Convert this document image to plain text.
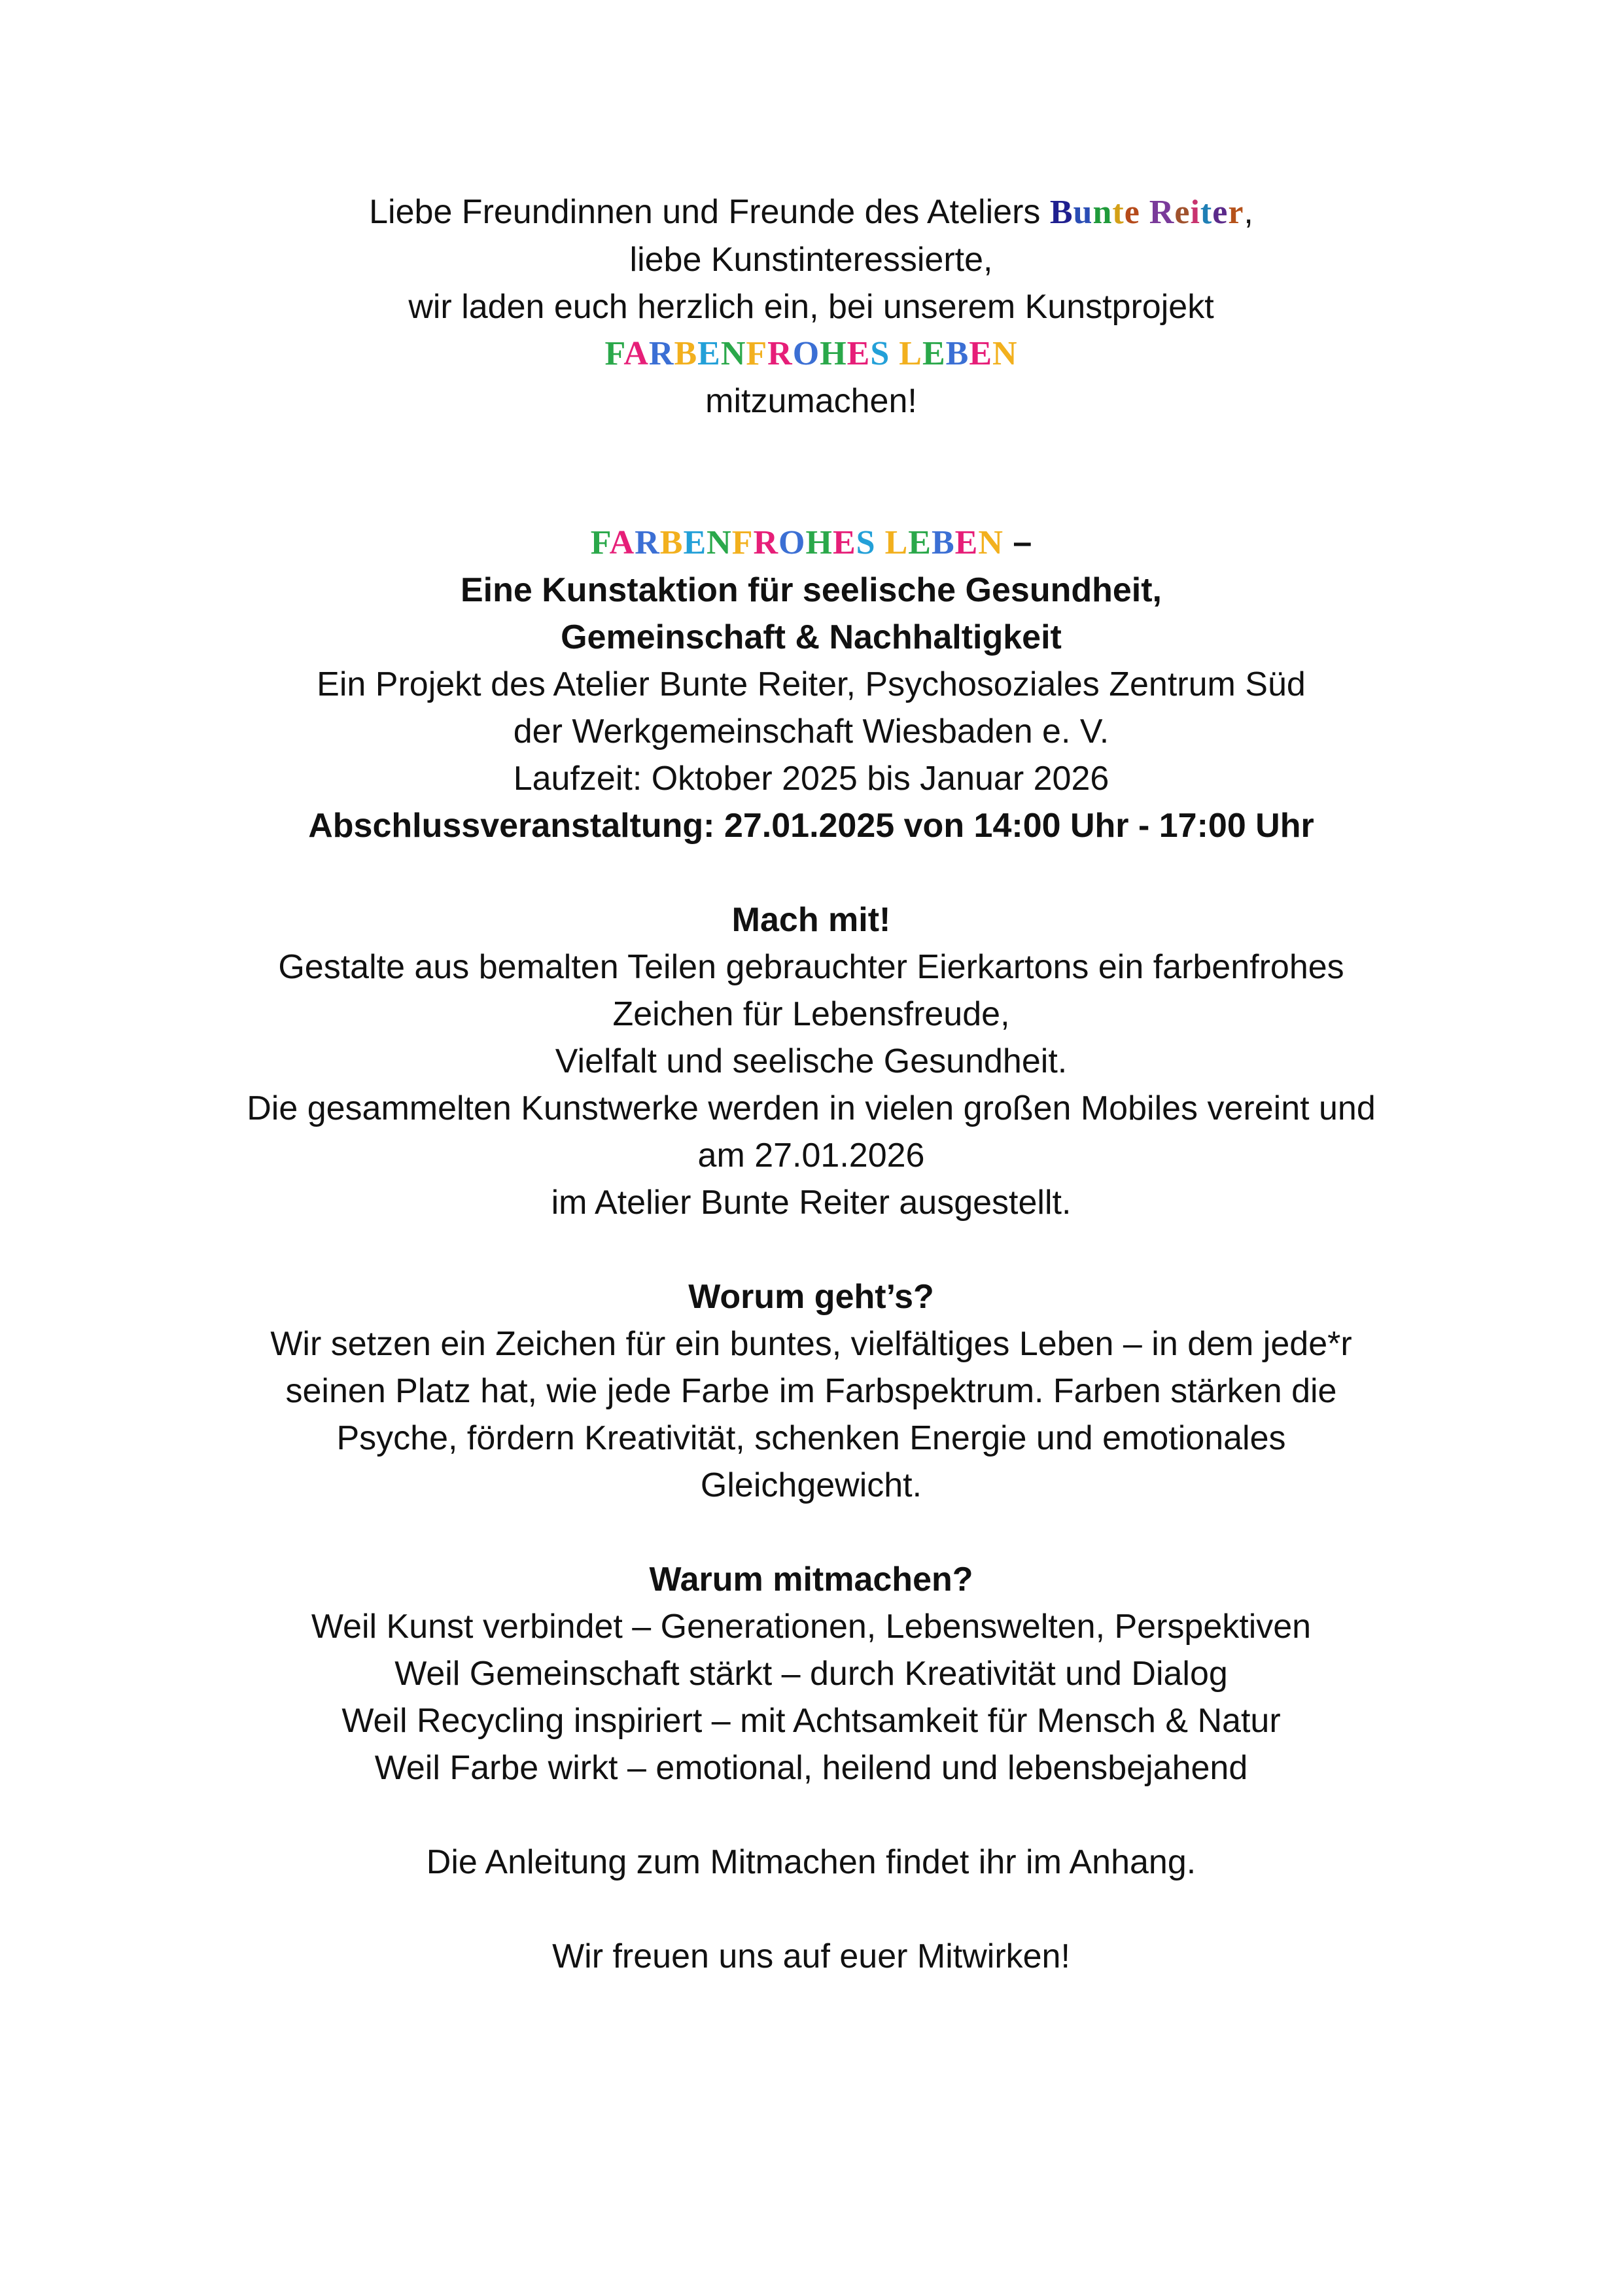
Liebe Freundinnen und Freunde des Ateliers Bunte Reiter,
liebe Kunstinteressierte,
wir laden euch herzlich ein, bei unserem Kunstprojekt
FARBENFROHES LEBEN
mitzumachen!
FARBENFROHES LEBEN –
Eine Kunstaktion für seelische Gesundheit,
Gemeinschaft & Nachhaltigkeit
Ein Projekt des Atelier Bunte Reiter, Psychosoziales Zentrum Süd
der Werkgemeinschaft Wiesbaden e. V.
Laufzeit: Oktober 2025 bis Januar 2026
Abschlussveranstaltung: 27.01.2025 von 14:00 Uhr - 17:00 Uhr
Mach mit!
Gestalte aus bemalten Teilen gebrauchter Eierkartons ein farbenfrohes
Zeichen für Lebensfreude,
Vielfalt und seelische Gesundheit.
Die gesammelten Kunstwerke werden in vielen großen Mobiles vereint und
am 27.01.2026
im Atelier Bunte Reiter ausgestellt.
Worum geht’s?
Wir setzen ein Zeichen für ein buntes, vielfältiges Leben – in dem jede*r
seinen Platz hat, wie jede Farbe im Farbspektrum. Farben stärken die
Psyche, fördern Kreativität, schenken Energie und emotionales
Gleichgewicht.
Warum mitmachen?
Weil Kunst verbindet – Generationen, Lebenswelten, Perspektiven
Weil Gemeinschaft stärkt – durch Kreativität und Dialog
Weil Recycling inspiriert – mit Achtsamkeit für Mensch & Natur
Weil Farbe wirkt – emotional, heilend und lebensbejahend
Die Anleitung zum Mitmachen findet ihr im Anhang.
Wir freuen uns auf euer Mitwirken!
